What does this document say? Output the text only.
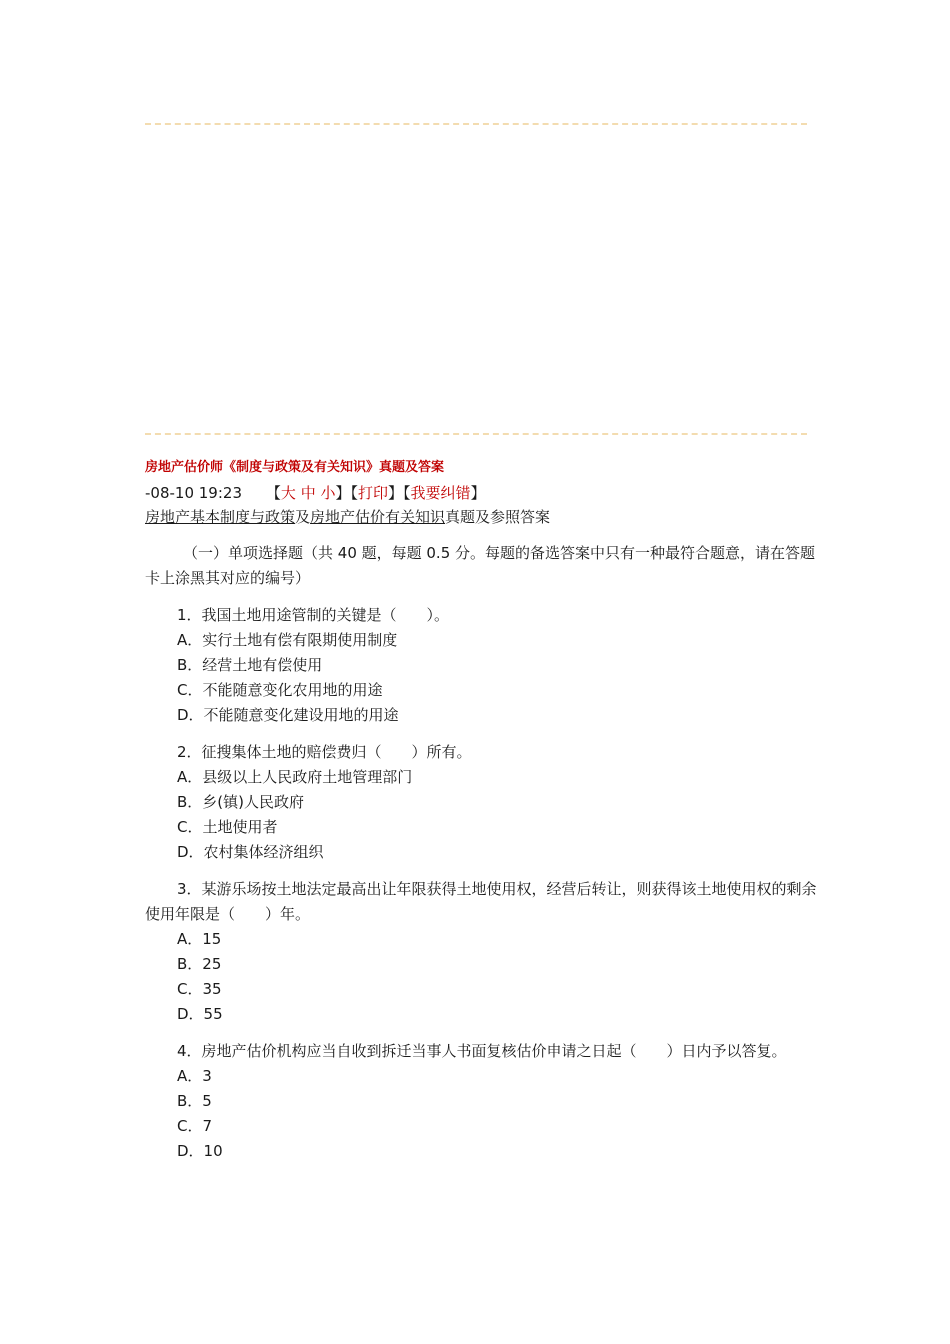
房地产估价师《制度与政策及有关知识》真题及答案
-08-10 19:23 【大 中 小】【打印】【我要纠错】
房地产基本制度与政策及房地产估价有关知识真题及参照答案
（一）单项选择题（共 40 题，每题 0.5 分。每题的备选答案中只有一种最符合题意，请在答题卡上涂黑其对应的编号）
1．我国土地用途管制的关键是（　　）。
A．实行土地有偿有限期使用制度
B．经营土地有偿使用
C．不能随意变化农用地的用途
D．不能随意变化建设用地的用途
2．征搜集体土地的赔偿费归（　　）所有。
A．县级以上人民政府土地管理部门
B．乡(镇)人民政府
C．土地使用者
D．农村集体经济组织
3．某游乐场按土地法定最高出让年限获得土地使用权，经营后转让，则获得该土地使用权的剩余使用年限是（　　）年。
A．15
B．25
C．35
D．55
4．房地产估价机构应当自收到拆迁当事人书面复核估价申请之日起（　　）日内予以答复。
A．3
B．5
C．7
D．10
